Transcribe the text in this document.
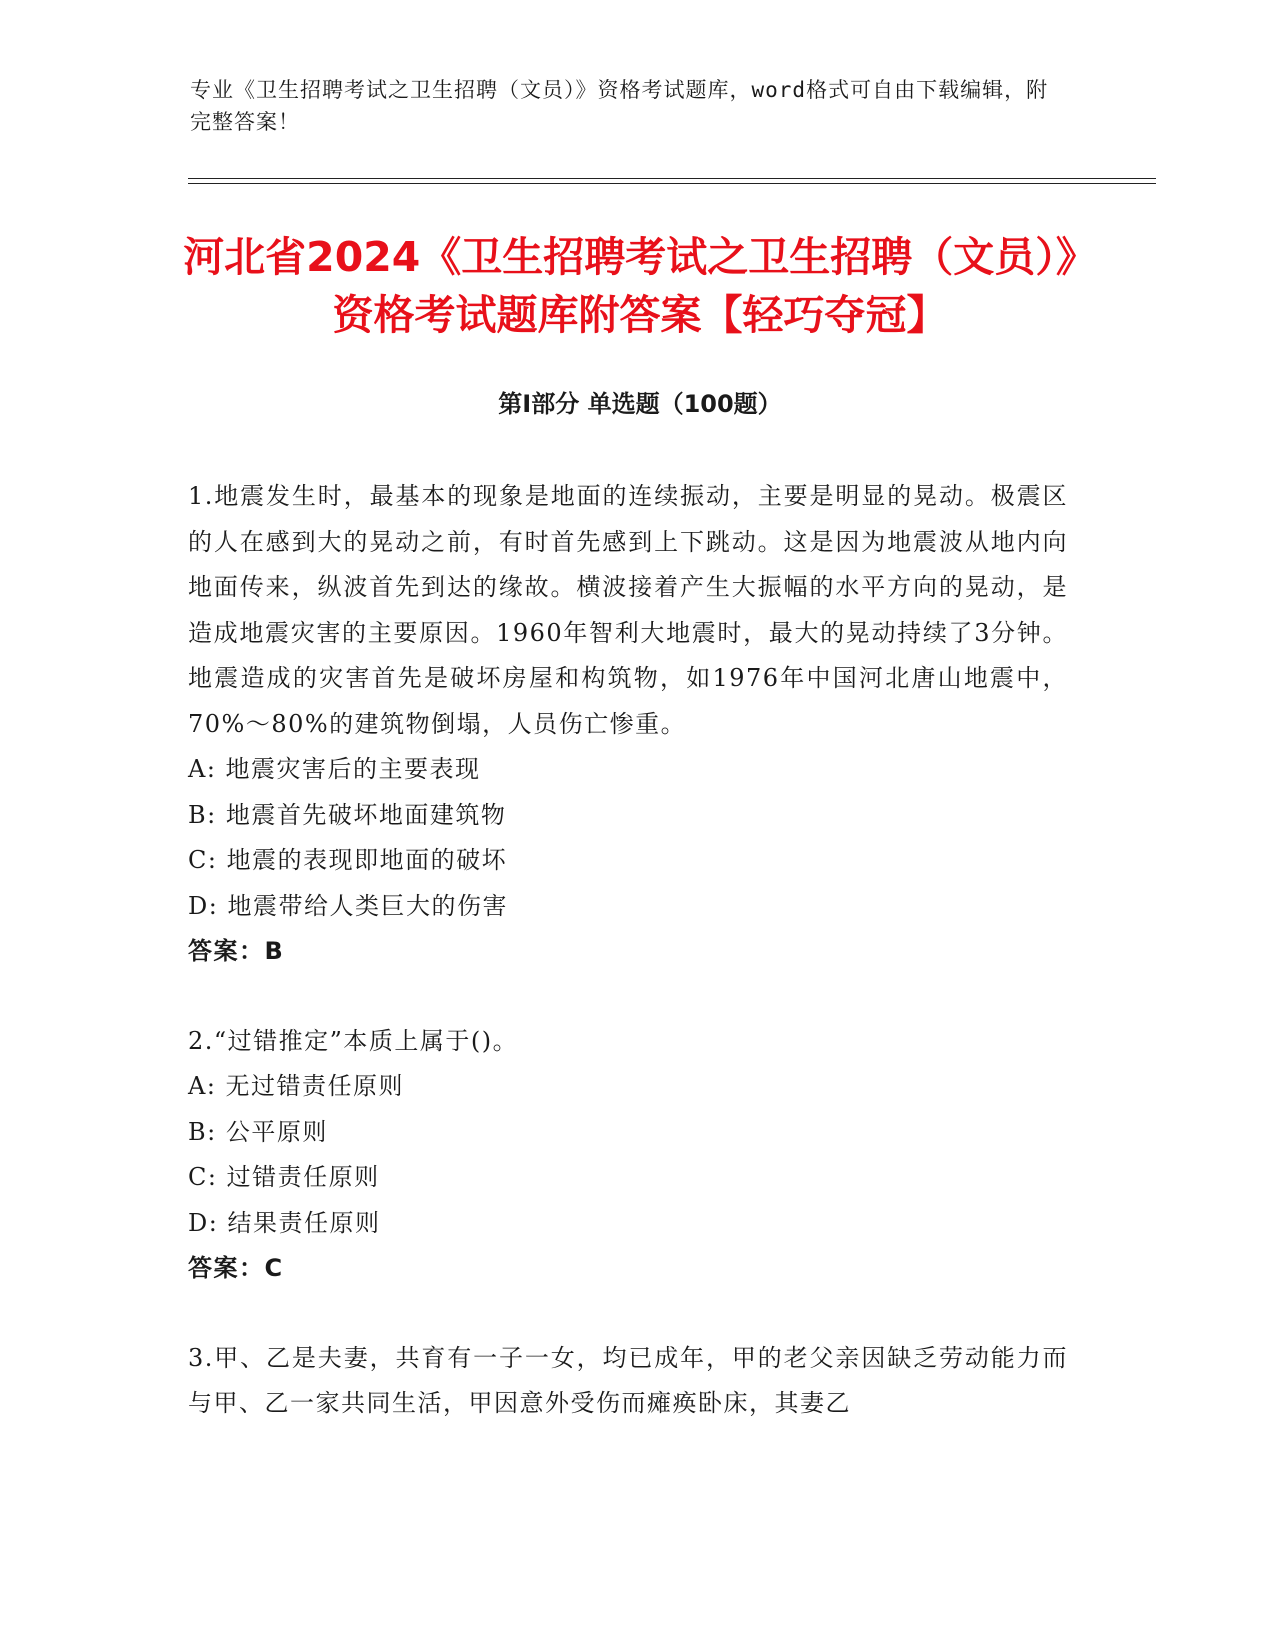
专业《卫生招聘考试之卫生招聘（文员）》资格考试题库，word格式可自由下载编辑，附完整答案！
河北省2024《卫生招聘考试之卫生招聘（文员）》资格考试题库附答案【轻巧夺冠】
第Ⅰ部分 单选题（100题）

1.地震发生时，最基本的现象是地面的连续振动，主要是明显的晃动。极震区的人在感到大的晃动之前，有时首先感到上下跳动。这是因为地震波从地内向地面传来，纵波首先到达的缘故。横波接着产生大振幅的水平方向的晃动，是造成地震灾害的主要原因。1960年智利大地震时，最大的晃动持续了3分钟。地震造成的灾害首先是破坏房屋和构筑物，如1976年中国河北唐山地震中，70%～80%的建筑物倒塌，人员伤亡惨重。

A: 地震灾害后的主要表现

B: 地震首先破坏地面建筑物

C: 地震的表现即地面的破坏

D: 地震带给人类巨大的伤害

答案：B

2.“过错推定”本质上属于()。

A: 无过错责任原则

B: 公平原则

C: 过错责任原则

D: 结果责任原则

答案：C

3.甲、乙是夫妻，共育有一子一女，均已成年，甲的老父亲因缺乏劳动能力而与甲、乙一家共同生活，甲因意外受伤而瘫痪卧床，其妻乙
